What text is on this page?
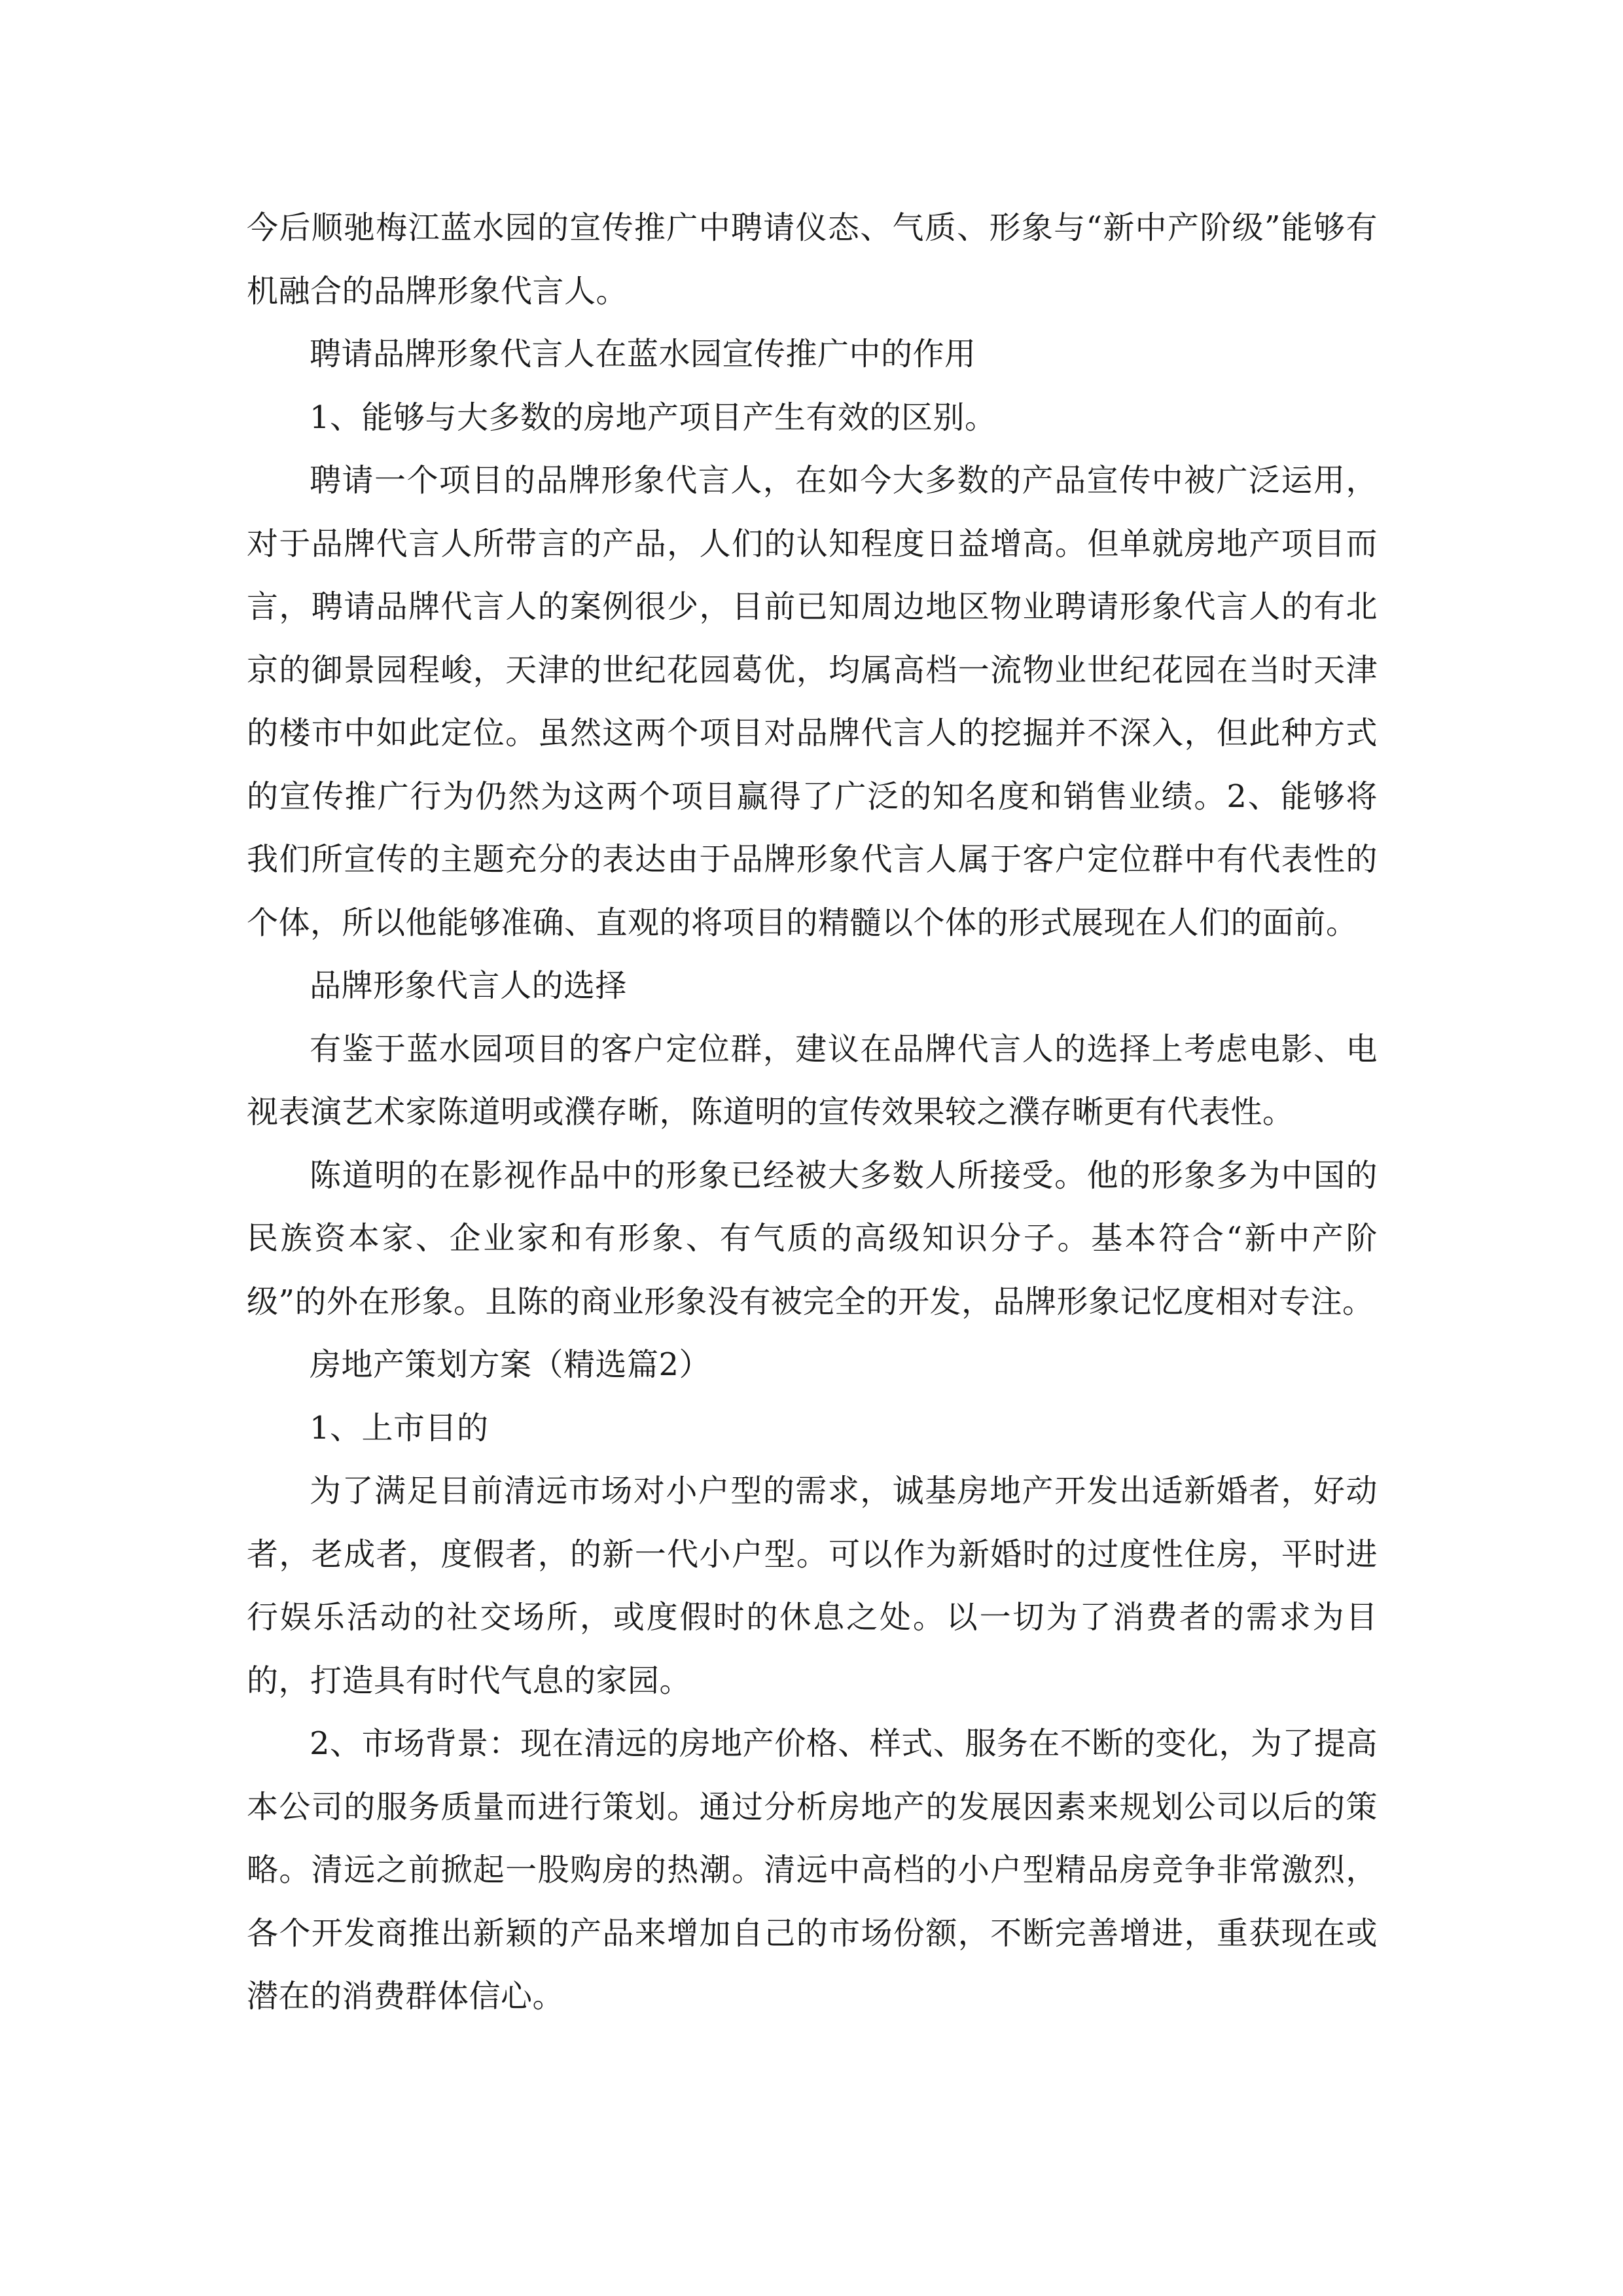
今后顺驰梅江蓝水园的宣传推广中聘请仪态、气质、形象与“新中产阶级”能够有机融合的品牌形象代言人。

聘请品牌形象代言人在蓝水园宣传推广中的作用

1、能够与大多数的房地产项目产生有效的区别。

聘请一个项目的品牌形象代言人，在如今大多数的产品宣传中被广泛运用，对于品牌代言人所带言的产品，人们的认知程度日益增高。但单就房地产项目而言，聘请品牌代言人的案例很少，目前已知周边地区物业聘请形象代言人的有北京的御景园程峻，天津的世纪花园葛优，均属高档一流物业世纪花园在当时天津的楼市中如此定位。虽然这两个项目对品牌代言人的挖掘并不深入，但此种方式的宣传推广行为仍然为这两个项目赢得了广泛的知名度和销售业绩。2、能够将我们所宣传的主题充分的表达由于品牌形象代言人属于客户定位群中有代表性的个体，所以他能够准确、直观的将项目的精髓以个体的形式展现在人们的面前。

品牌形象代言人的选择

有鉴于蓝水园项目的客户定位群，建议在品牌代言人的选择上考虑电影、电视表演艺术家陈道明或濮存晰，陈道明的宣传效果较之濮存晰更有代表性。

陈道明的在影视作品中的形象已经被大多数人所接受。他的形象多为中国的民族资本家、企业家和有形象、有气质的高级知识分子。基本符合“新中产阶级”的外在形象。且陈的商业形象没有被完全的开发，品牌形象记忆度相对专注。

房地产策划方案（精选篇2）

1、上市目的

为了满足目前清远市场对小户型的需求，诚基房地产开发出适新婚者，好动者，老成者，度假者，的新一代小户型。可以作为新婚时的过度性住房，平时进行娱乐活动的社交场所，或度假时的休息之处。以一切为了消费者的需求为目的，打造具有时代气息的家园。

2、市场背景：现在清远的房地产价格、样式、服务在不断的变化，为了提高本公司的服务质量而进行策划。通过分析房地产的发展因素来规划公司以后的策略。清远之前掀起一股购房的热潮。清远中高档的小户型精品房竞争非常激烈，各个开发商推出新颖的产品来增加自己的市场份额，不断完善增进，重获现在或潜在的消费群体信心。
